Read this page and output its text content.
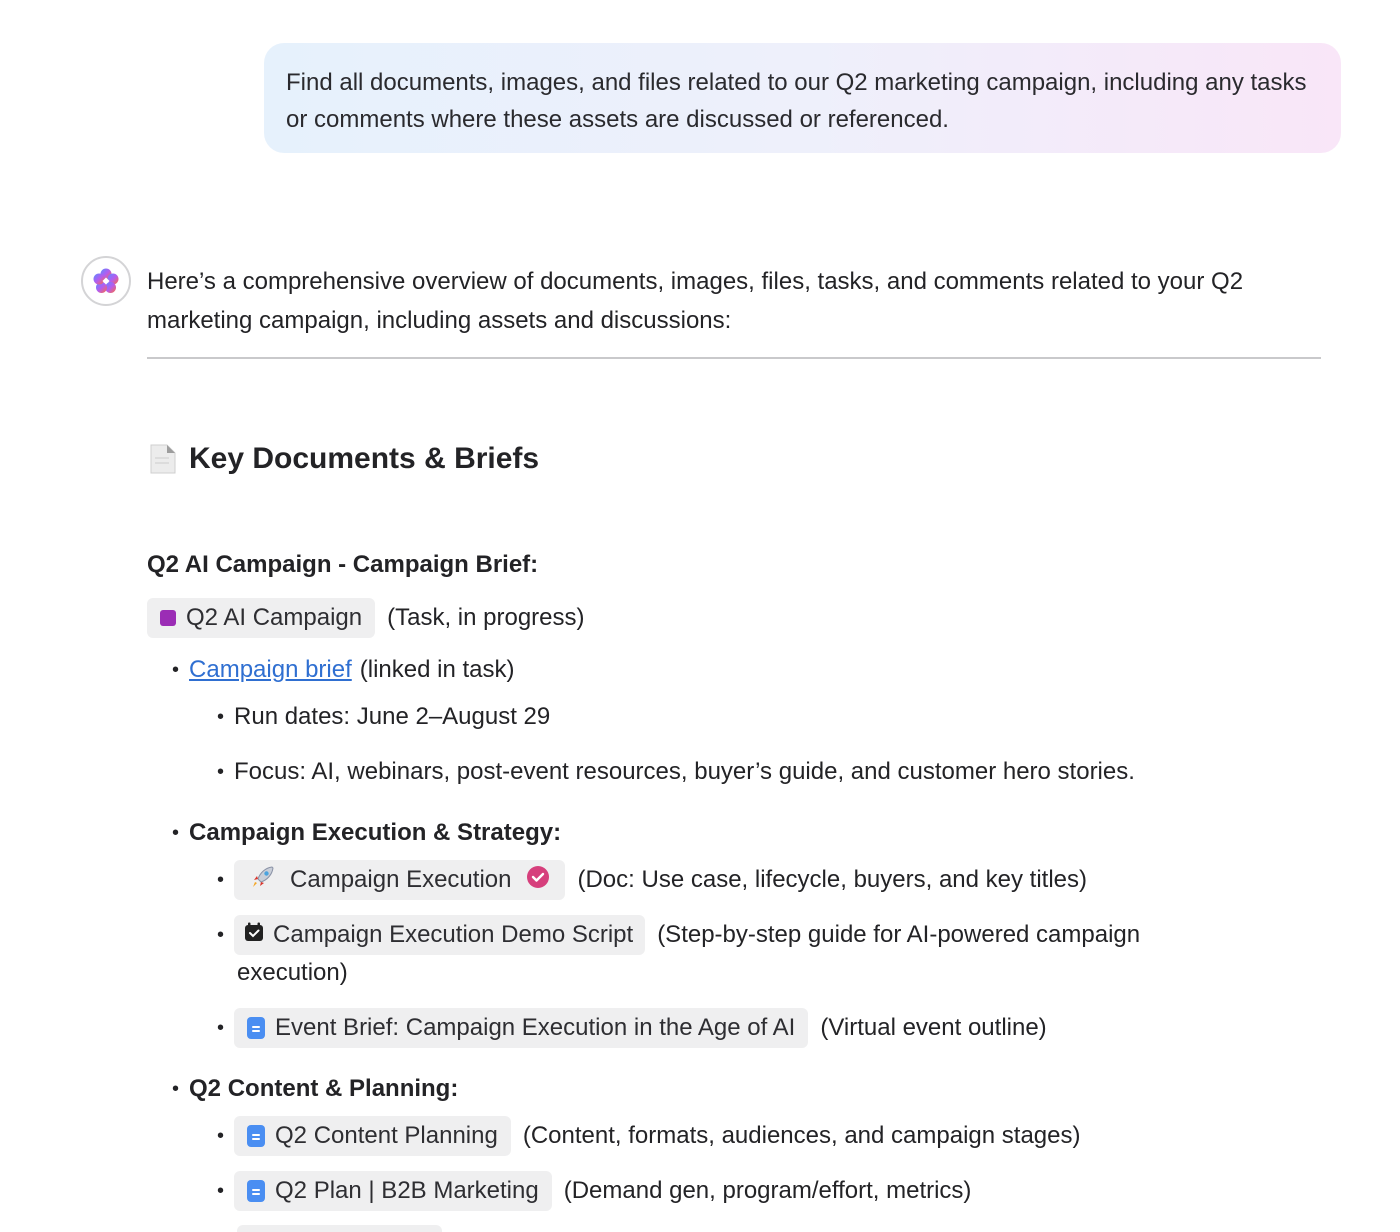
Find all documents, images, and files related to our Q2 marketing campaign, including any tasks or comments where these assets are discussed or referenced.
Here’s a comprehensive overview of documents, images, files, tasks, and comments related to your Q2 marketing campaign, including assets and discussions:
Key Documents & Briefs
Q2 AI Campaign - Campaign Brief:
Q2 AI Campaign (Task, in progress)
• Campaign brief (linked in task)
• Run dates: June 2–August 29
• Focus: AI, webinars, post-event resources, buyer’s guide, and customer hero stories.
• Campaign Execution & Strategy:
•	Campaign Execution	(Doc: Use case, lifecycle, buyers, and key titles)
• Campaign Execution Demo Script (Step-by-step guide for AI-powered campaign
execution)
• Event Brief: Campaign Execution in the Age of AI (Virtual event outline)
• Q2 Content & Planning:
• Q2 Content Planning (Content, formats, audiences, and campaign stages)
• Q2 Plan | B2B Marketing (Demand gen, program/effort, metrics)
